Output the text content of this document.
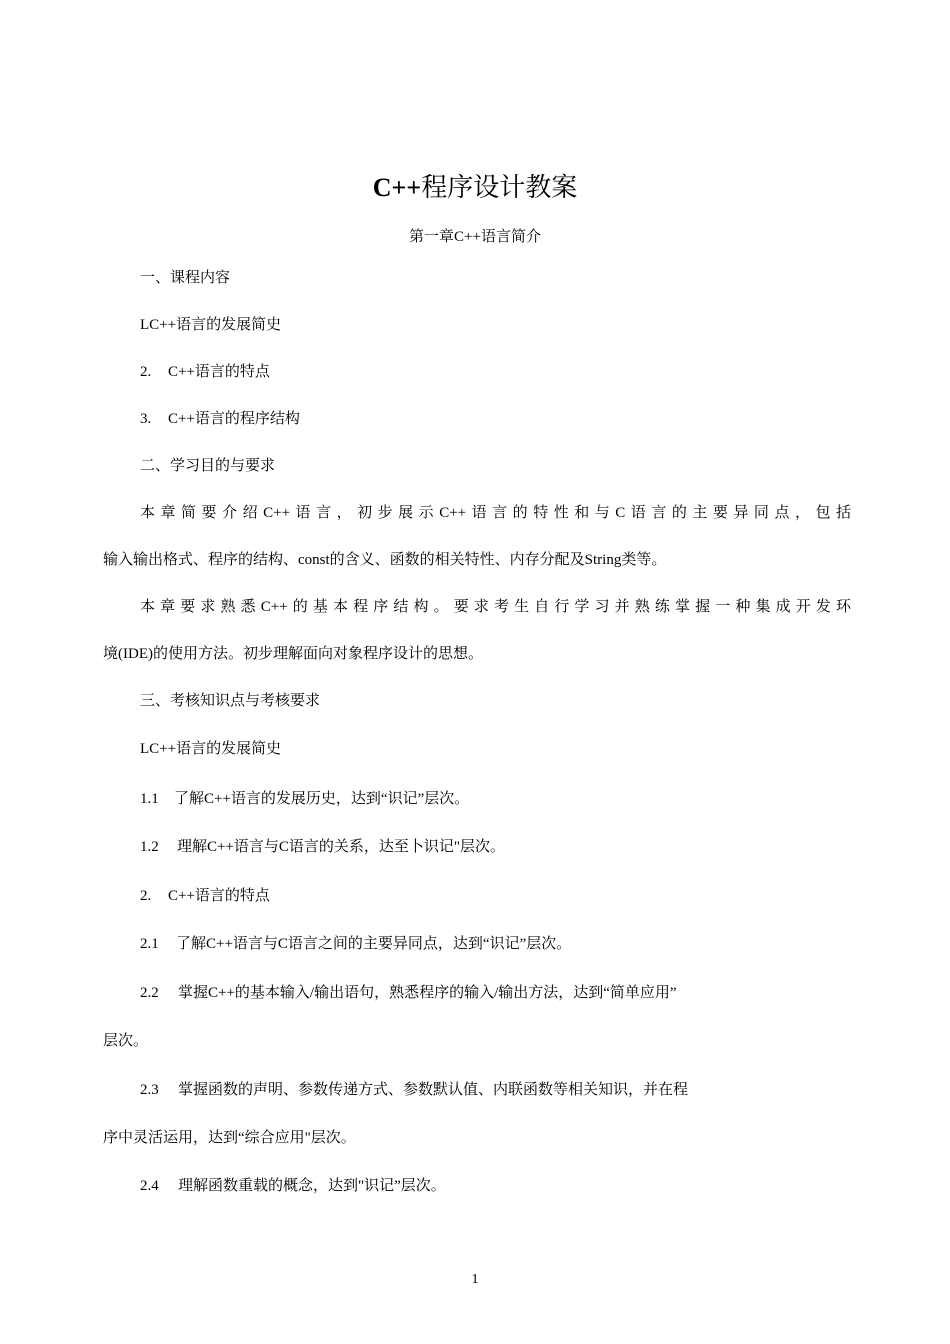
C++程序设计教案
第一章C++语言简介
一、课程内容
LC++语言的发展简史
2. C++语言的特点
3. C++语言的程序结构
二、学习目的与要求
本章简要介绍C++语言，初步展示C++语言的特性和与C语言的主要异同点，包括
输入输出格式、程序的结构、const的含义、函数的相关特性、内存分配及String类等。
本章要求熟悉C++的基本程序结构。要求考生自行学习并熟练掌握一种集成开发环
境(IDE)的使用方法。初步理解面向对象程序设计的思想。
三、考核知识点与考核要求
LC++语言的发展简史
1.1 了解C++语言的发展历史，达到“识记”层次。
1.2 理解C++语言与C语言的关系，达至卜识记"层次。
2. C++语言的特点
2.1 了解C++语言与C语言之间的主要异同点，达到“识记”层次。
2.2 掌握C++的基本输入/输出语句，熟悉程序的输入/输出方法，达到“简单应用”
层次。
2.3 掌握函数的声明、参数传递方式、参数默认值、内联函数等相关知识，并在程
序中灵活运用，达到“综合应用"层次。
2.4 理解函数重载的概念，达到"识记”层次。
1
